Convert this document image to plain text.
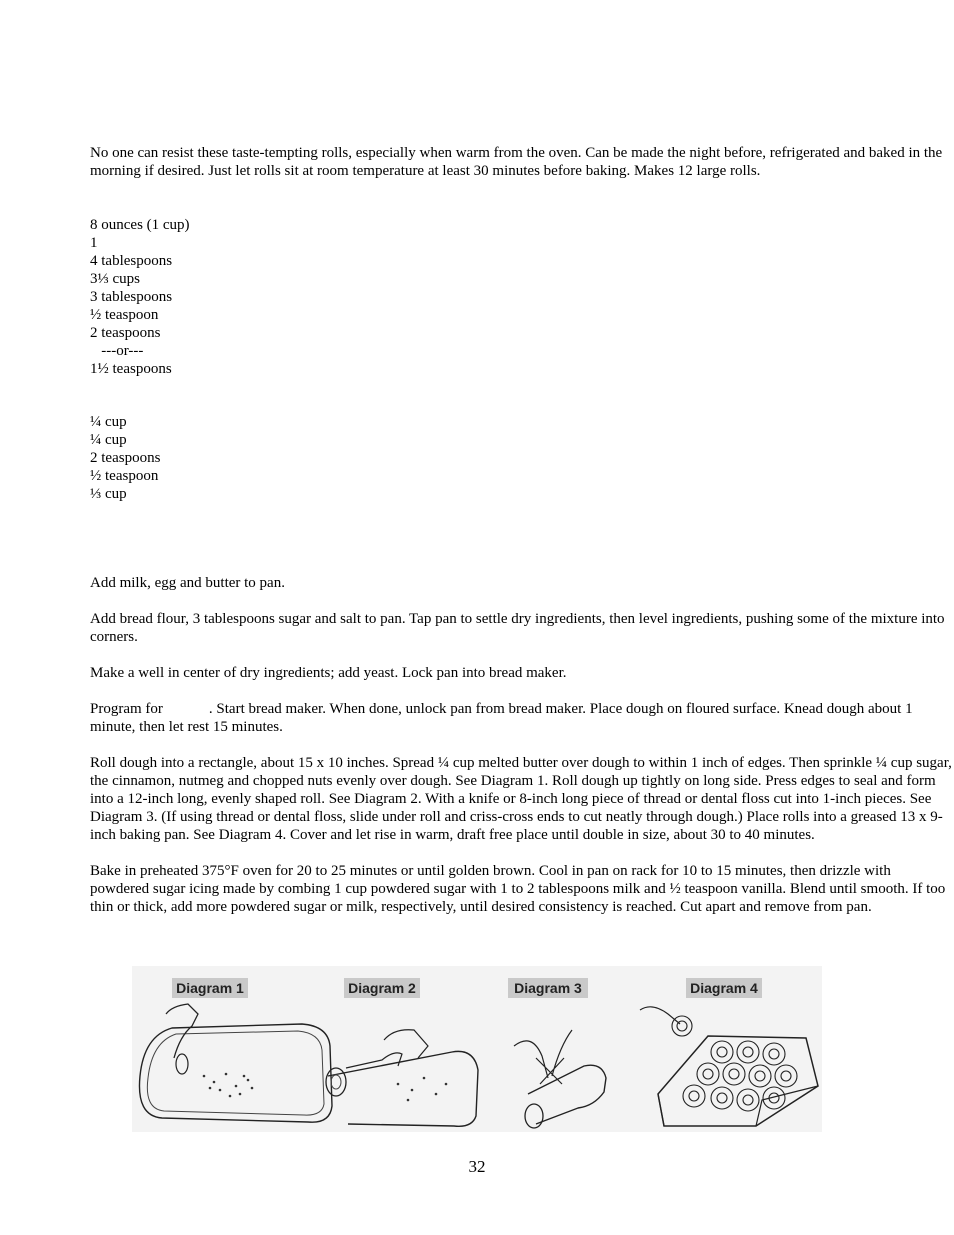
No one can resist these taste-tempting rolls, especially when warm from the oven. Can be made the night before, refrigerated and baked in the morning if desired. Just let rolls sit at room temperature at least 30 minutes before baking. Makes 12 large rolls.

8 ounces (1 cup)
1
4 tablespoons
3⅓ cups
3 tablespoons
½ teaspoon
2 teaspoons
---or---
1½ teaspoons
¼ cup
¼ cup
2 teaspoons
½ teaspoon
⅓ cup

Add milk, egg and butter to pan.

Add bread flour, 3 tablespoons sugar and salt to pan. Tap pan to settle dry ingredients, then level ingredients, pushing some of the mixture into corners.

Make a well in center of dry ingredients; add yeast. Lock pan into bread maker.

Program for	. Start bread maker. When done, unlock pan from bread maker. Place dough on floured surface. Knead dough about 1 minute, then let rest 15 minutes.

Roll dough into a rectangle, about 15 x 10 inches. Spread ¼ cup melted butter over dough to within 1 inch of edges. Then sprinkle ¼ cup sugar, the cinnamon, nutmeg and chopped nuts evenly over dough. See Diagram 1. Roll dough up tightly on long side. Press edges to seal and form into a 12-inch long, evenly shaped roll. See Diagram 2. With a knife or 8-inch long piece of thread or dental floss cut into 1-inch pieces. See Diagram 3. (If using thread or dental floss, slide under roll and criss-cross ends to cut neatly through dough.) Place rolls into a greased 13 x 9- inch baking pan. See Diagram 4. Cover and let rise in warm, draft free place until double in size, about 30 to 40 minutes.

Bake in preheated 375°F oven for 20 to 25 minutes or until golden brown. Cool in pan on rack for 10 to 15 minutes, then drizzle with powdered sugar icing made by combing 1 cup powdered sugar with 1 to 2 tablespoons milk and ½ teaspoon vanilla. Blend until smooth. If too thin or thick, add more powdered sugar or milk, respectively, until desired consistency is reached. Cut apart and remove from pan.

Diagram 1	Diagram 2	Diagram 3	Diagram 4
32
